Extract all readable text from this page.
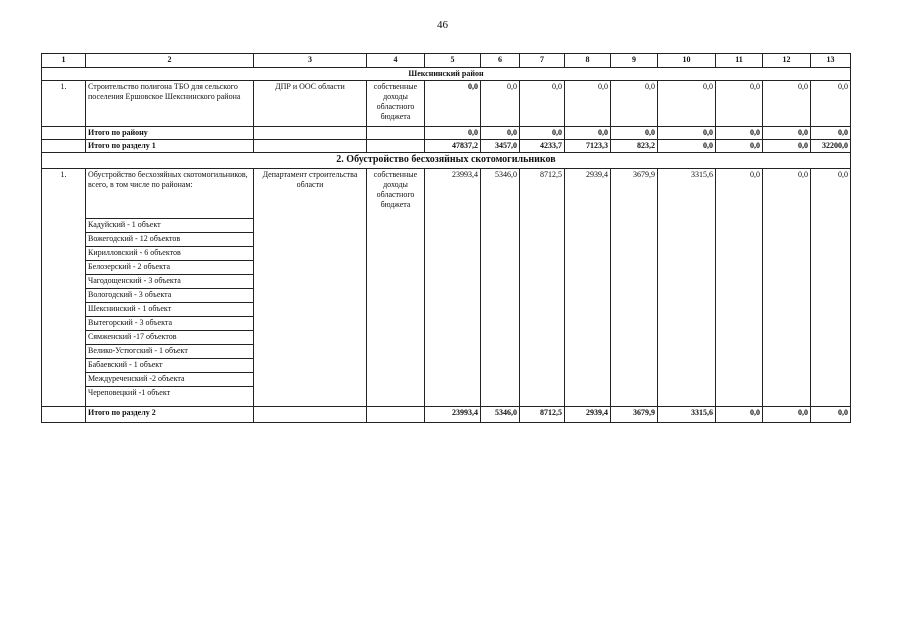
46
1	2	3	4	5	6	7	8	9	10	11	12	13
Шекснинский район												
1.	Строительство полигона ТБО для сельского поселения Ершовское Шекснинского района	ДПР и ООС области	собственные доходы областного бюджета	0,0	0,0	0,0	0,0	0,0	0,0	0,0	0,0	0,0
	Итого по району			0,0	0,0	0,0	0,0	0,0	0,0	0,0	0,0	0,0
	Итого по разделу 1			47837,2	3457,0	4233,7	7123,3	823,2	0,0	0,0	0,0	32200,0
2. Обустройство бесхозяйных скотомогильников												
1.	Обустройство бесхозяйных скотомогильников, всего, в том числе по районам:	Департамент строительства области	собственные доходы областного бюджета	23993,4	5346,0	8712,5	2939,4	3679,9	3315,6	0,0	0,0	0,0
	Кадуйский - 1 объект											
	Вожегодский - 12 объектов											
	Кирилловский - 6 объектов											
	Белозерский - 2 объекта											
	Чагодощенский - 3 объекта											
	Вологодский - 3 объекта											
	Шекснинский - 1 объект											
	Вытегорский - 3 объекта											
	Сямженский -17 объектов											
	Велико-Устюгский - 1 объект											
	Бабаевский - 1 объект											
	Междуреченский -2 объекта											
	Череповецкий -1 объект											
	Итого по разделу 2			23993,4	5346,0	8712,5	2939,4	3679,9	3315,6	0,0	0,0	0,0
